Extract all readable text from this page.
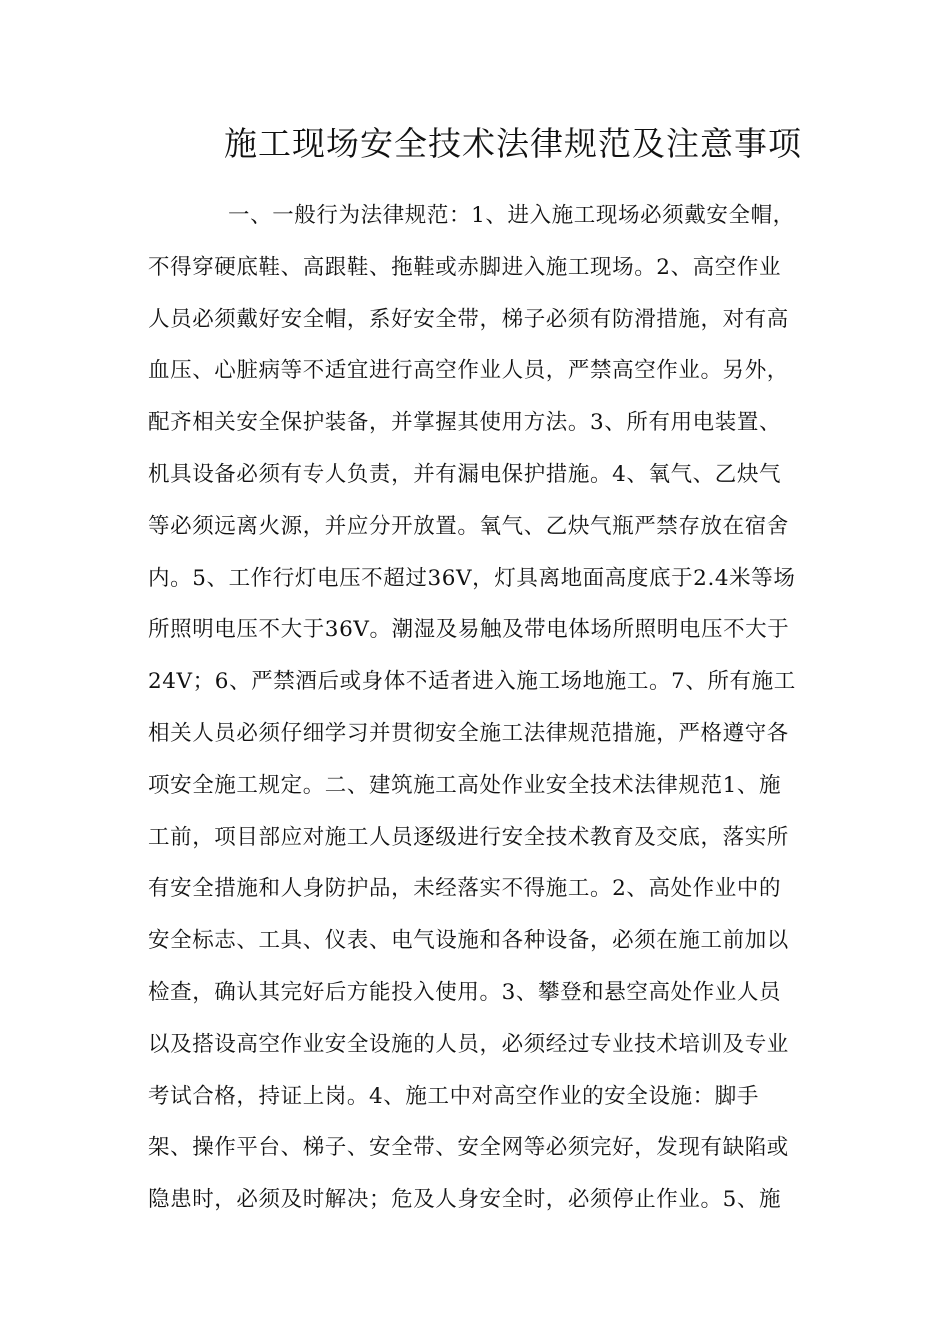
施工现场安全技术法律规范及注意事项
一、一般行为法律规范：1、进入施工现场必须戴安全帽，
不得穿硬底鞋、高跟鞋、拖鞋或赤脚进入施工现场。2、高空作业
人员必须戴好安全帽，系好安全带，梯子必须有防滑措施，对有高
血压、心脏病等不适宜进行高空作业人员，严禁高空作业。另外，
配齐相关安全保护装备，并掌握其使用方法。3、所有用电装置、
机具设备必须有专人负责，并有漏电保护措施。4、氧气、乙炔气
等必须远离火源，并应分开放置。氧气、乙炔气瓶严禁存放在宿舍
内。5、工作行灯电压不超过36V，灯具离地面高度底于2.4米等场
所照明电压不大于36V。潮湿及易触及带电体场所照明电压不大于
24V；6、严禁酒后或身体不适者进入施工场地施工。7、所有施工
相关人员必须仔细学习并贯彻安全施工法律规范措施，严格遵守各
项安全施工规定。二、建筑施工高处作业安全技术法律规范1、施
工前，项目部应对施工人员逐级进行安全技术教育及交底，落实所
有安全措施和人身防护品，未经落实不得施工。2、高处作业中的
安全标志、工具、仪表、电气设施和各种设备，必须在施工前加以
检查，确认其完好后方能投入使用。3、攀登和悬空高处作业人员
以及搭设高空作业安全设施的人员，必须经过专业技术培训及专业
考试合格，持证上岗。4、施工中对高空作业的安全设施：脚手
架、操作平台、梯子、安全带、安全网等必须完好，发现有缺陷或
隐患时，必须及时解决；危及人身安全时，必须停止作业。5、施
